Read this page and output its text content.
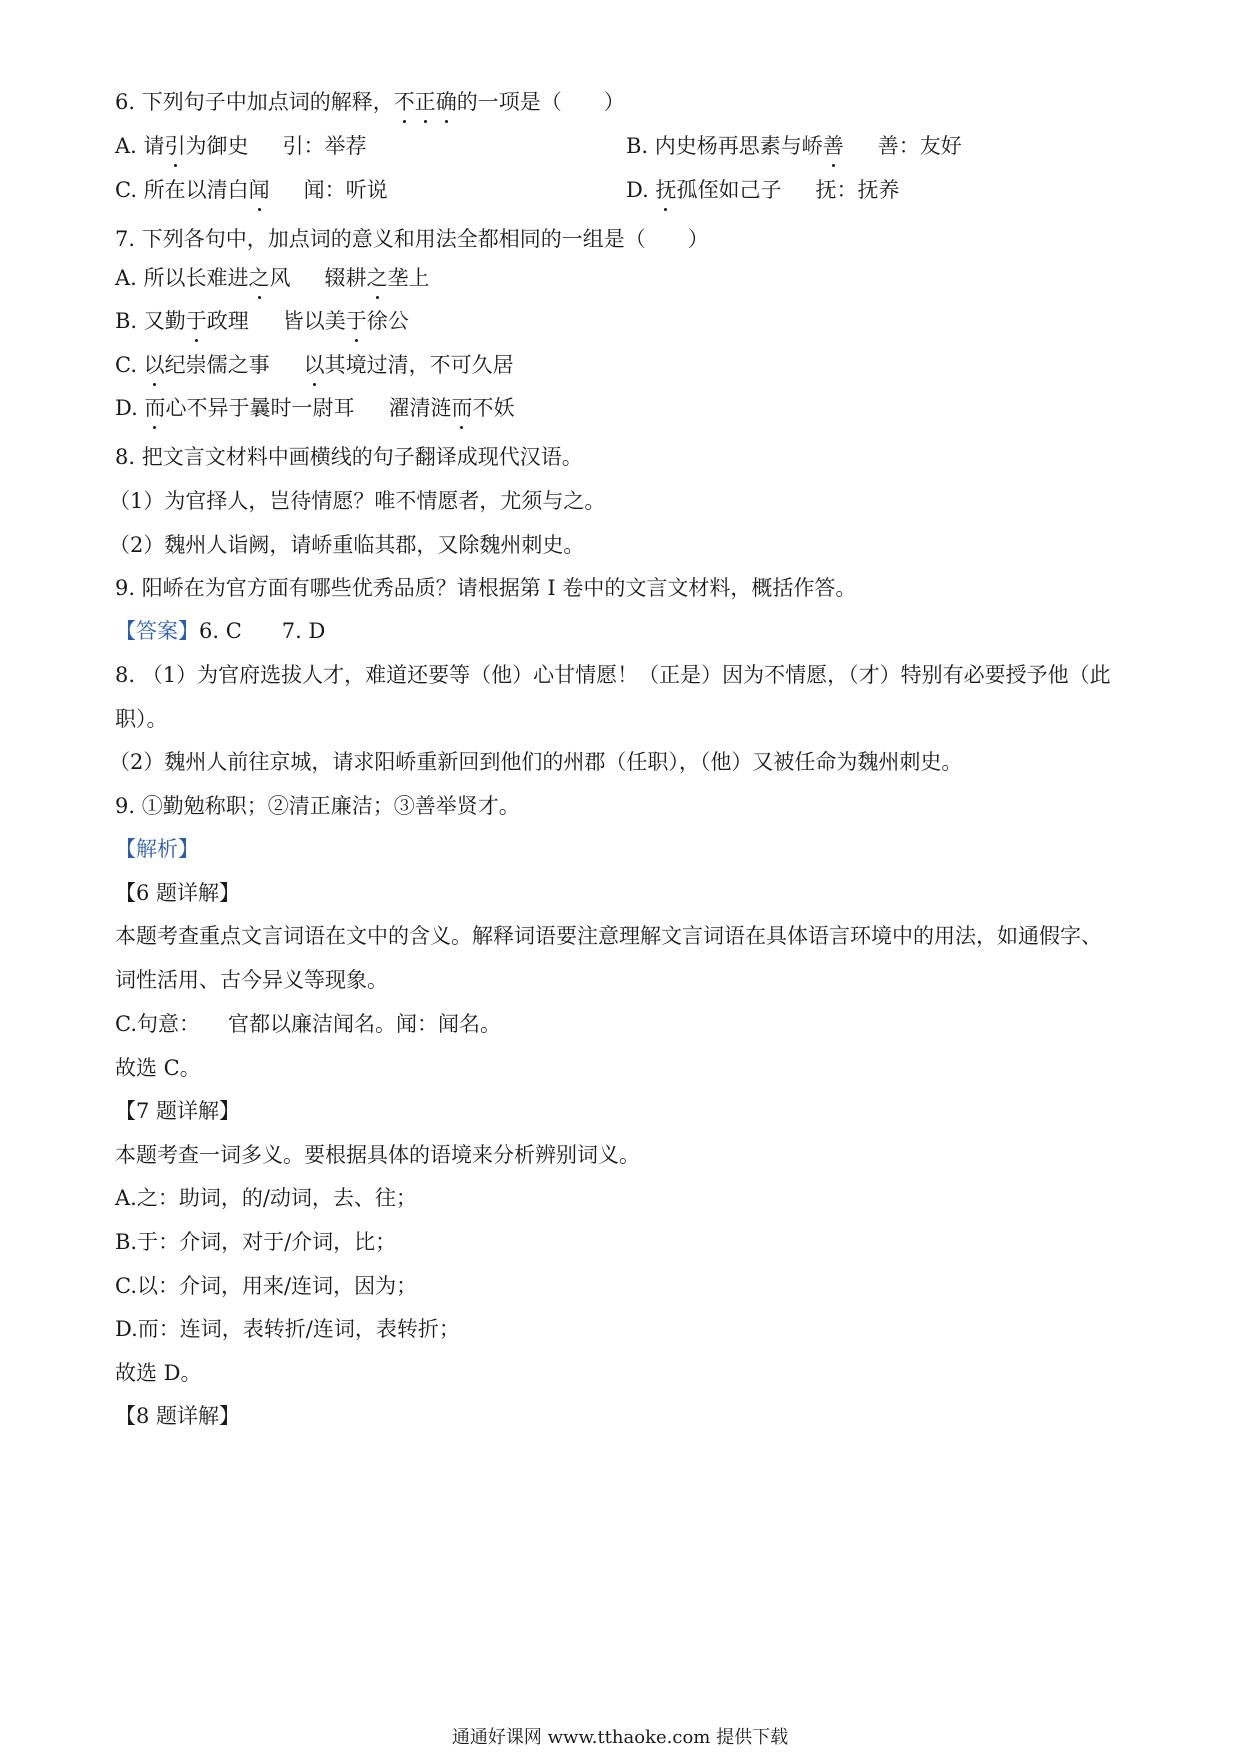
6. 下列句子中加点词的解释，不正确的一项是（　　）
A. 请引为御史 引：举荐	B. 内史杨再思素与峤善 善：友好
C. 所在以清白闻 闻：听说	D. 抚孤侄如己子 抚：抚养
7. 下列各句中，加点词的意义和用法全都相同的一组是（　　）
A. 所以长难进之风 辍耕之垄上
B. 又勤于政理 皆以美于徐公
C. 以纪崇儒之事 以其境过清，不可久居
D. 而心不异于曩时一尉耳 濯清涟而不妖
8. 把文言文材料中画横线的句子翻译成现代汉语。
（1）为官择人，岂待情愿？唯不情愿者，尤须与之。
（2）魏州人诣阙，请峤重临其郡，又除魏州刺史。
9. 阳峤在为官方面有哪些优秀品质？请根据第 I 卷中的文言文材料，概括作答。
【答案】6. C 7. D
8. （1）为官府选拔人才，难道还要等（他）心甘情愿！（正是）因为不情愿，（才）特别有必要授予他（此
职）。
（2）魏州人前往京城，请求阳峤重新回到他们的州郡（任职），（他）又被任命为魏州刺史。
9. ①勤勉称职；②清正廉洁；③善举贤才。
【解析】
【6 题详解】
本题考查重点文言词语在文中的含义。解释词语要注意理解文言词语在具体语言环境中的用法，如通假字、
词性活用、古今异义等现象。
C.句意： 官都以廉洁闻名。闻：闻名。
故选 C。
【7 题详解】
本题考查一词多义。要根据具体的语境来分析辨别词义。
A.之：助词，的/动词，去、往；
B.于：介词，对于/介词，比；
C.以：介词，用来/连词，因为；
D.而：连词，表转折/连词，表转折；
故选 D。
【8 题详解】
通通好课网 www.tthaoke.com 提供下载
